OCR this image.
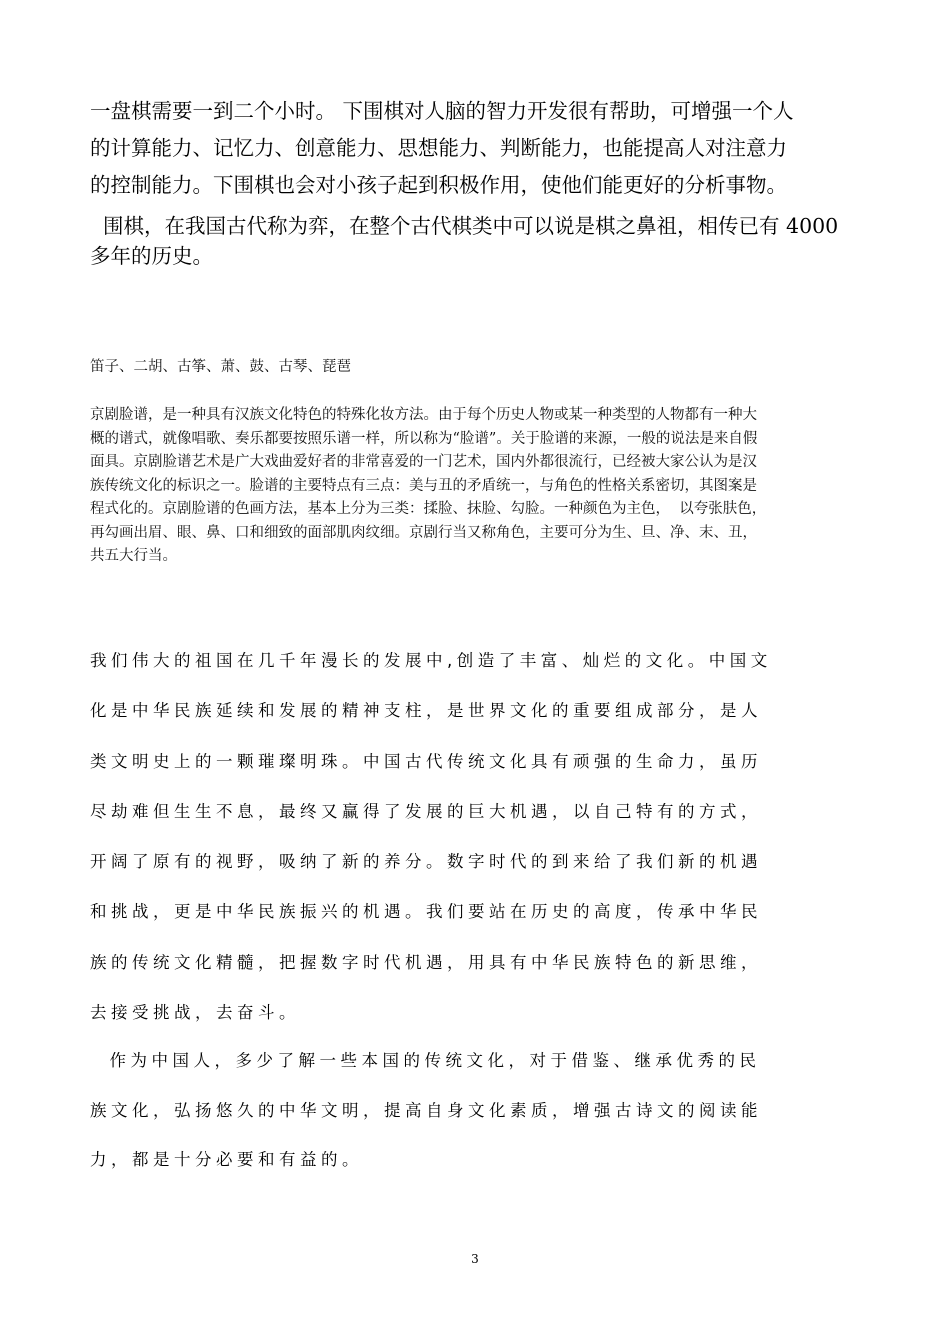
一盘棋需要一到二个小时。 下围棋对人脑的智力开发很有帮助，可增强一个人
的计算能力、记忆力、创意能力、思想能力、判断能力，也能提高人对注意力
的控制能力。下围棋也会对小孩子起到积极作用，使他们能更好的分析事物。

围棋，在我国古代称为弈，在整个古代棋类中可以说是棋之鼻祖，相传已有 4000
多年的历史。

笛子、二胡、古筝、萧、鼓、古琴、琵琶

京剧脸谱，是一种具有汉族文化特色的特殊化妆方法。由于每个历史人物或某一种类型的人物都有一种大
概的谱式，就像唱歌、奏乐都要按照乐谱一样，所以称为“脸谱”。关于脸谱的来源，一般的说法是来自假
面具。京剧脸谱艺术是广大戏曲爱好者的非常喜爱的一门艺术，国内外都很流行，已经被大家公认为是汉
族传统文化的标识之一。脸谱的主要特点有三点：美与丑的矛盾统一，与角色的性格关系密切，其图案是
程式化的。京剧脸谱的色画方法，基本上分为三类：揉脸、抹脸、勾脸。一种颜色为主色，  以夸张肤色，
再勾画出眉、眼、鼻、口和细致的面部肌肉纹细。京剧行当又称角色，主要可分为生、旦、净、末、丑，
共五大行当。

我们伟大的祖国在几千年漫长的发展中,创造了丰富、灿烂的文化。中国文
化是中华民族延续和发展的精神支柱，是世界文化的重要组成部分，是人
类文明史上的一颗璀璨明珠。中国古代传统文化具有顽强的生命力，虽历
尽劫难但生生不息，最终又赢得了发展的巨大机遇，以自己特有的方式，
开阔了原有的视野，吸纳了新的养分。数字时代的到来给了我们新的机遇
和挑战，更是中华民族振兴的机遇。我们要站在历史的高度，传承中华民
族的传统文化精髓，把握数字时代机遇，用具有中华民族特色的新思维，
去接受挑战，去奋斗。

作为中国人，多少了解一些本国的传统文化，对于借鉴、继承优秀的民
族文化，弘扬悠久的中华文明，提高自身文化素质，增强古诗文的阅读能
力，都是十分必要和有益的。

3
